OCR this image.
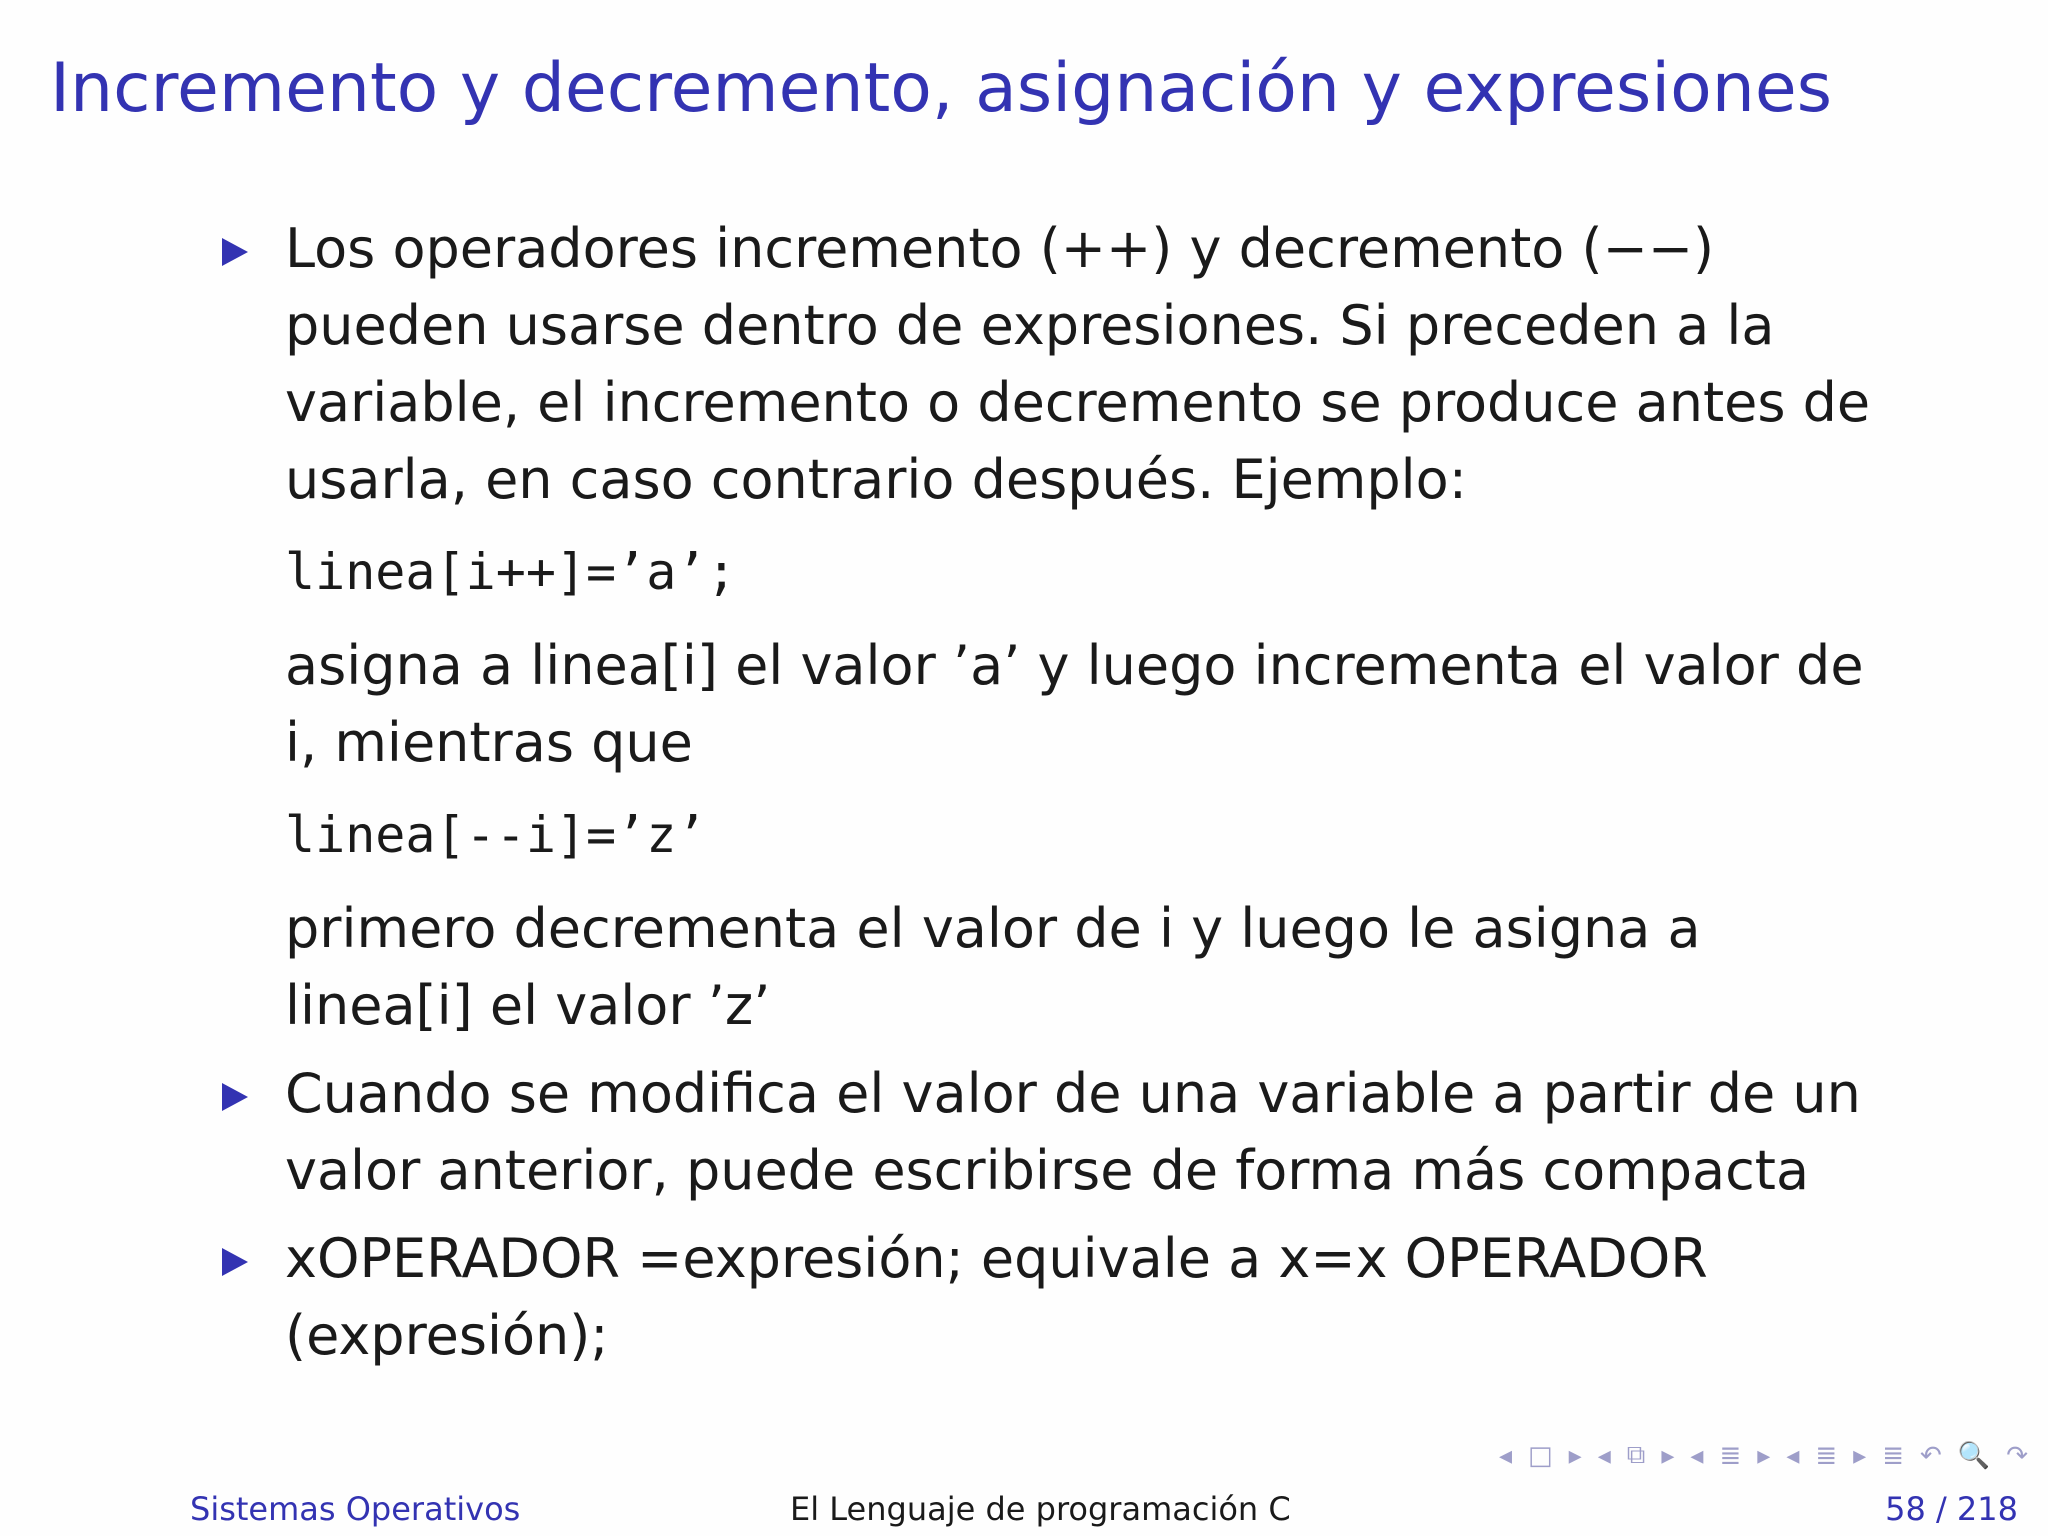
Incremento y decremento, asignación y expresiones

Los operadores incremento (++) y decremento (−−) pueden usarse dentro de expresiones. Si preceden a la variable, el incremento o decremento se produce antes de usarla, en caso contrario después. Ejemplo:

linea[i++]=’a’;

asigna a linea[i] el valor ’a’ y luego incrementa el valor de i, mientras que

linea[--i]=’z’

primero decrementa el valor de i y luego le asigna a linea[i] el valor ’z’

Cuando se modifica el valor de una variable a partir de un valor anterior, puede escribirse de forma más compacta

xOPERADOR =expresión; equivale a x=x OPERADOR (expresión);

◂ □ ▸ ◂ ⧉ ▸ ◂ ≣ ▸ ◂ ≣ ▸ ≣ ↶ 🔍 ↷
Sistemas Operativos	El Lenguaje de programación C	58 / 218
